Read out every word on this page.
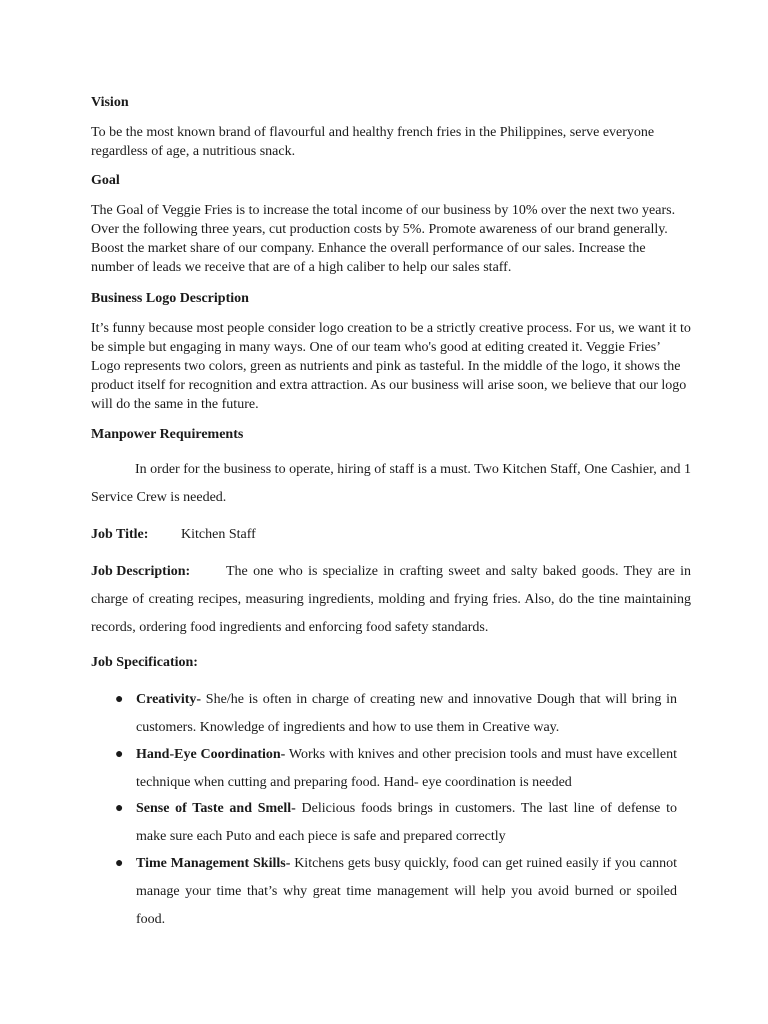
Vision

To be the most known brand of flavourful and healthy french fries in the Philippines, serve everyone regardless of age, a nutritious snack.

Goal

The Goal of Veggie Fries is to increase the total income of our business by 10% over the next two years. Over the following three years, cut production costs by 5%. Promote awareness of our brand generally. Boost the market share of our company. Enhance the overall performance of our sales. Increase the number of leads we receive that are of a high caliber to help our sales staff.

Business Logo Description

It’s funny because most people consider logo creation to be a strictly creative process. For us, we want it to be simple but engaging in many ways. One of our team who's good at editing created it. Veggie Fries’ Logo represents two colors, green as nutrients and pink as tasteful. In the middle of the logo, it shows the product itself for recognition and extra attraction. As our business will arise soon, we believe that our logo will do the same in the future.

Manpower Requirements

In order for the business to operate, hiring of staff is a must. Two Kitchen Staff, One Cashier, and 1 Service Crew is needed.

Job Title: Kitchen Staff

Job Description:	The one who is specialize in crafting sweet and salty baked goods. They are in charge of creating recipes, measuring ingredients, molding and frying fries. Also, do the tine maintaining records, ordering food ingredients and enforcing food safety standards.

Job Specification:
● Creativity- She/he is often in charge of creating new and innovative Dough that will bring in customers. Knowledge of ingredients and how to use them in Creative way.
● Hand-Eye Coordination- Works with knives and other precision tools and must have excellent technique when cutting and preparing food. Hand- eye coordination is needed
● Sense of Taste and Smell- Delicious foods brings in customers. The last line of defense to make sure each Puto and each piece is safe and prepared correctly
● Time Management Skills- Kitchens gets busy quickly, food can get ruined easily if you cannot manage your time that’s why great time management will help you avoid burned or spoiled food.
